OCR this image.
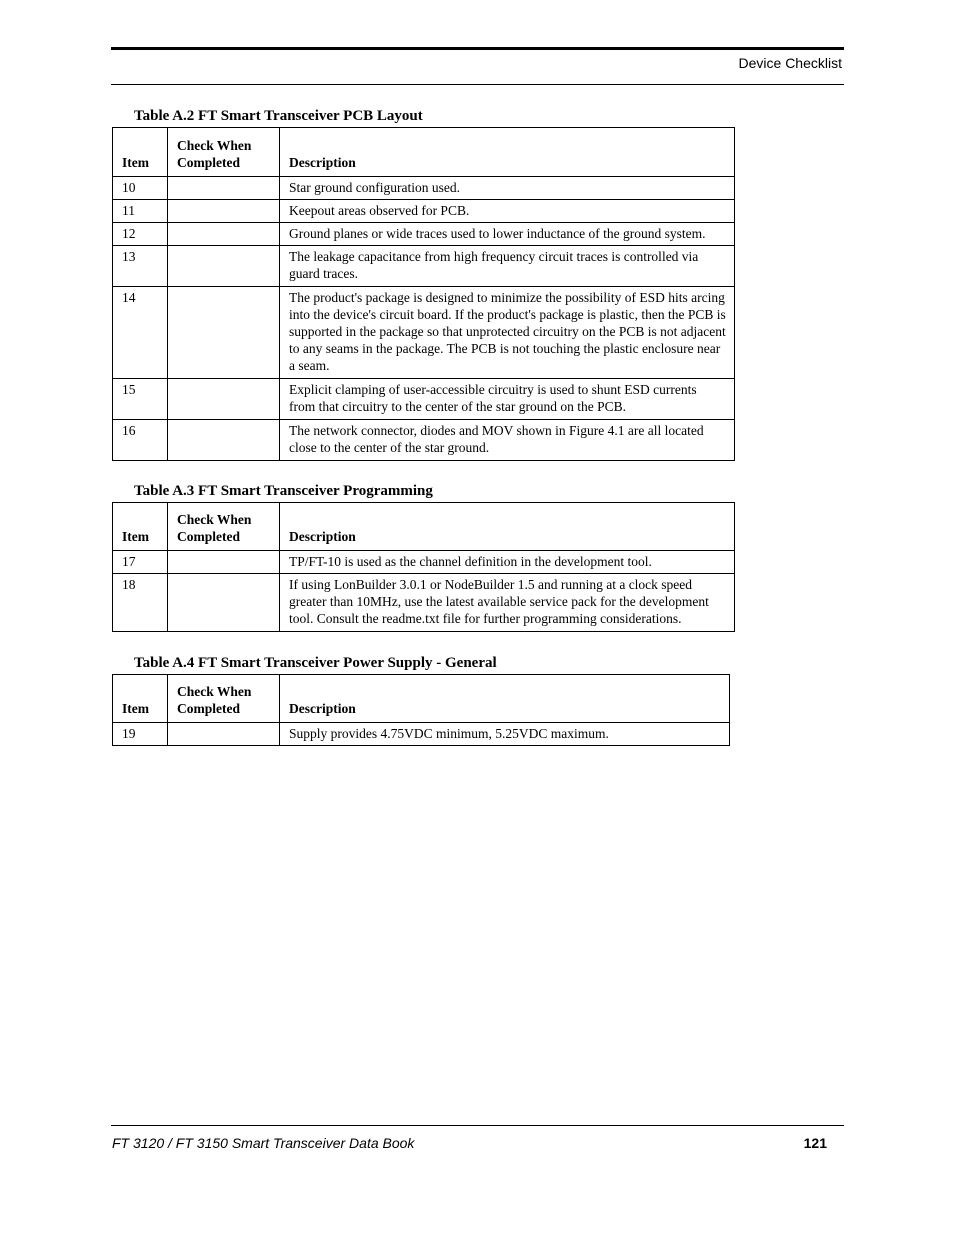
Device Checklist
Table A.2 FT Smart Transceiver PCB Layout
Item	Check When Completed	Description
10		Star ground configuration used.
11		Keepout areas observed for PCB.
12		Ground planes or wide traces used to lower inductance of the ground system.
13		The leakage capacitance from high frequency circuit traces is controlled via guard traces.
14		The product's package is designed to minimize the possibility of ESD hits arcing into the device's circuit board. If the product's package is plastic, then the PCB is supported in the package so that unprotected circuitry on the PCB is not adjacent to any seams in the package. The PCB is not touching the plastic enclosure near a seam.
15		Explicit clamping of user-accessible circuitry is used to shunt ESD currents from that circuitry to the center of the star ground on the PCB.
16		The network connector, diodes and MOV shown in Figure 4.1 are all located close to the center of the star ground.
Table A.3 FT Smart Transceiver Programming
Item	Check When Completed	Description
17		TP/FT-10 is used as the channel definition in the development tool.
18		If using LonBuilder 3.0.1 or NodeBuilder 1.5 and running at a clock speed greater than 10MHz, use the latest available service pack for the development tool. Consult the readme.txt file for further programming considerations.
Table A.4 FT Smart Transceiver Power Supply - General
Item	Check When Completed	Description
19		Supply provides 4.75VDC minimum, 5.25VDC maximum.
FT 3120 / FT 3150 Smart Transceiver Data Book	121
